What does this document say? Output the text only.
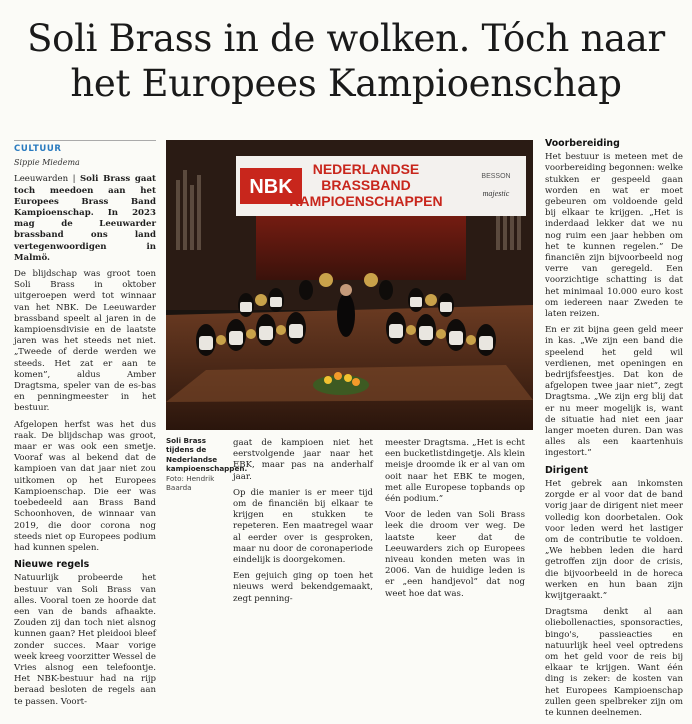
Soli Brass in de wolken. Tóch naar het Europees Kampioenschap
CULTUUR
Sippie Miedema

Leeuwarden | Soli Brass gaat toch meedoen aan het Europees Brass Band Kampioenschap. In 2023 mag de Leeuwarder brassband ons land vertegenwoordigen in Malmö.

De blijdschap was groot toen Soli Brass in oktober uitgeroepen werd tot winnaar van het NBK. De Leeuwarder brassband speelt al jaren in de kampioensdivisie en de laatste jaren was het steeds net niet. „Tweede of derde werden we steeds. Het zat er aan te komen”, aldus Amber Dragtsma, speler van de es-bas en penningmeester in het bestuur.

Afgelopen herfst was het dus raak. De blijdschap was groot, maar er was ook een smetje. Vooraf was al bekend dat de kampioen van dat jaar niet zou uitkomen op het Europees Kampioenschap. Die eer was toebedeeld aan Brass Band Schoonhoven, de winnaar van 2019, die door corona nog steeds niet op Europees podium had kunnen spelen.

Nieuwe regels

Natuurlijk probeerde het bestuur van Soli Brass van alles. Vooral toen ze hoorde dat een van de bands afhaakte. Zouden zij dan toch niet alsnog kunnen gaan? Het pleidooi bleef zonder succes. Maar vorige week kreeg voorzitter Wessel de Vries alsnog een telefoontje. Het NBK-bestuur had na rijp beraad besloten de regels aan te passen. Voort-

NBK
NEDERLANDSE
BRASSBAND
KAMPIOENSCHAPPEN
BESSON
majestic
Soli Brass tijdens de Nederlandse kampioenschappen. Foto: Hendrik Baarda

gaat de kampioen niet het eerstvolgende jaar naar het EBK, maar pas na anderhalf jaar.

Op die manier is er meer tijd om de financiën bij elkaar te krijgen en stukken te repeteren. Een maatregel waar al eerder over is gesproken, maar nu door de coronaperiode eindelijk is doorgekomen.

Een gejuich ging op toen het nieuws werd bekendgemaakt, zegt penning-

meester Dragtsma. „Het is echt een bucketlistdingetje. Als klein meisje droomde ik er al van om ooit naar het EBK te mogen, met alle Europese topbands op één podium.”

Voor de leden van Soli Brass leek die droom ver weg. De laatste keer dat de Leeuwarders zich op Europees niveau konden meten was in 2006. Van de huidige leden is er „een handjevol” dat nog weet hoe dat was.

Voorbereiding

Het bestuur is meteen met de voorbereiding begonnen: welke stukken er gespeeld gaan worden en wat er moet gebeuren om voldoende geld bij elkaar te krijgen. „Het is inderdaad lekker dat we nu nog ruim een jaar hebben om het te kunnen regelen.” De financiën zijn bijvoorbeeld nog verre van geregeld. Een voorzichtige schatting is dat het minimaal 10.000 euro kost om iedereen naar Zweden te laten reizen.

En er zit bijna geen geld meer in kas. „We zijn een band die speelend het geld wil verdienen, met openingen en bedrijfsfeestjes. Dat kon de afgelopen twee jaar niet”, zegt Dragtsma. „We zijn erg blij dat er nu meer mogelijk is, want de situatie had niet een jaar langer moeten duren. Dan was alles als een kaartenhuis ingestort.”

Dirigent

Het gebrek aan inkomsten zorgde er al voor dat de band vorig jaar de dirigent niet meer volledig kon doorbetalen. Ook voor leden werd het lastiger om de contributie te voldoen. „We hebben leden die hard getroffen zijn door de crisis, die bijvoorbeeld in de horeca werken en hun baan zijn kwijtgeraakt.”

Dragtsma denkt al aan oliebollenacties, sponsoracties, bingo's, passieacties en natuurlijk heel veel optredens om het geld voor de reis bij elkaar te krijgen. Want één ding is zeker: de kosten van het Europees Kampioenschap zullen geen spelbreker zijn om te kunnen deelnemen.
